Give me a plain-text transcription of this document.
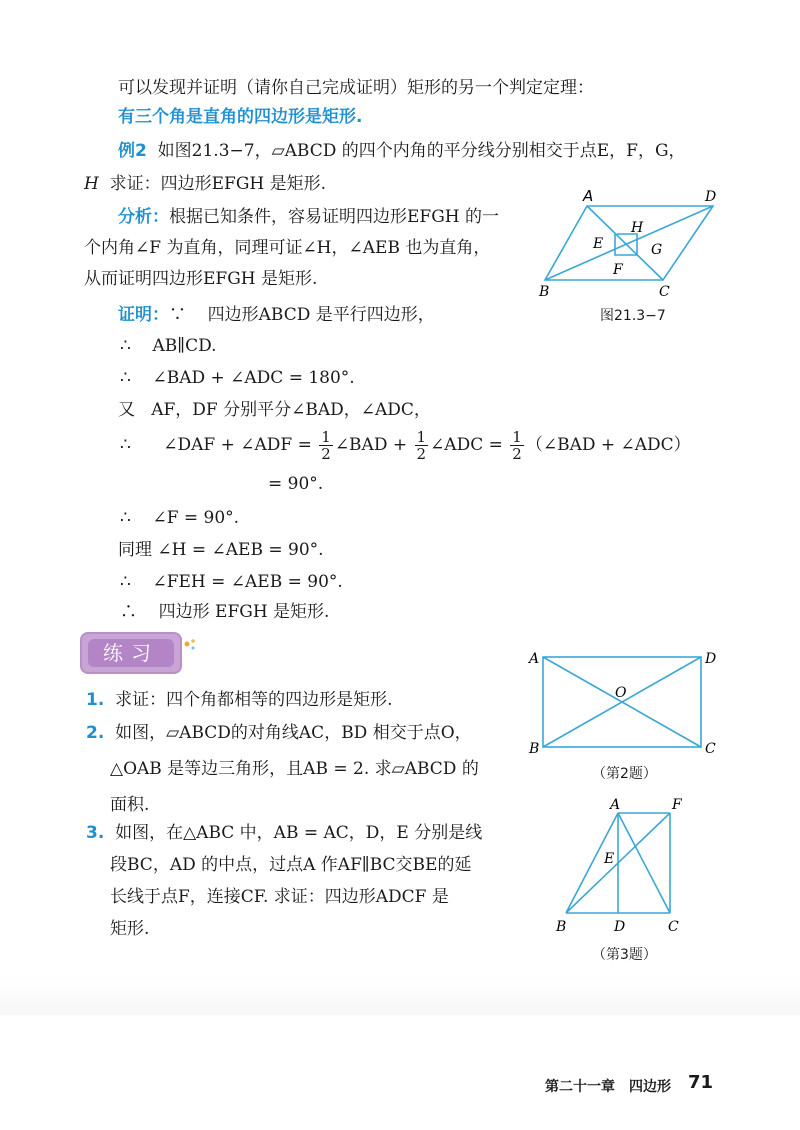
可以发现并证明（请你自己完成证明）矩形的另一个判定定理：
有三个角是直角的四边形是矩形.
例2 如图21.3−7，▱ABCD 的四个内角的平分线分别相交于点E，F，G，
H 求证：四边形EFGH 是矩形.
分析：根据已知条件，容易证明四边形EFGH 的一
个内角∠F 为直角，同理可证∠H，∠AEB 也为直角，
从而证明四边形EFGH 是矩形.
A	D
B	C
E
F
G
H
图21.3−7
证明：∵ 四边形ABCD 是平行四边形，
∴ AB∥CD.
∴ ∠BAD + ∠ADC = 180°.
又 AF，DF 分别平分∠BAD，∠ADC，
∴ ∠DAF + ∠ADF = $\frac{1}{2}$ ∠BAD + $\frac{1}{2}$ ∠ADC = $\frac{1}{2}$ （∠BAD + ∠ADC）
= 90°.
∴ ∠F = 90°.
同理 ∠H = ∠AEB = 90°.
∴ ∠FEH = ∠AEB = 90°.
∴ 四边形 EFGH 是矩形.
练习
1. 求证：四个角都相等的四边形是矩形.
2. 如图，▱ABCD的对角线AC，BD 相交于点O，
△OAB 是等边三角形，且AB = 2. 求▱ABCD 的
面积.
3. 如图，在△ABC 中，AB = AC，D，E 分别是线
段BC，AD 的中点，过点A 作AF∥BC交BE的延
长线于点F，连接CF. 求证：四边形ADCF 是
矩形.
A	D
B	C
O
（第2题）
A	F
E
B	D	C
（第3题）
第二十一章　四边形 71
